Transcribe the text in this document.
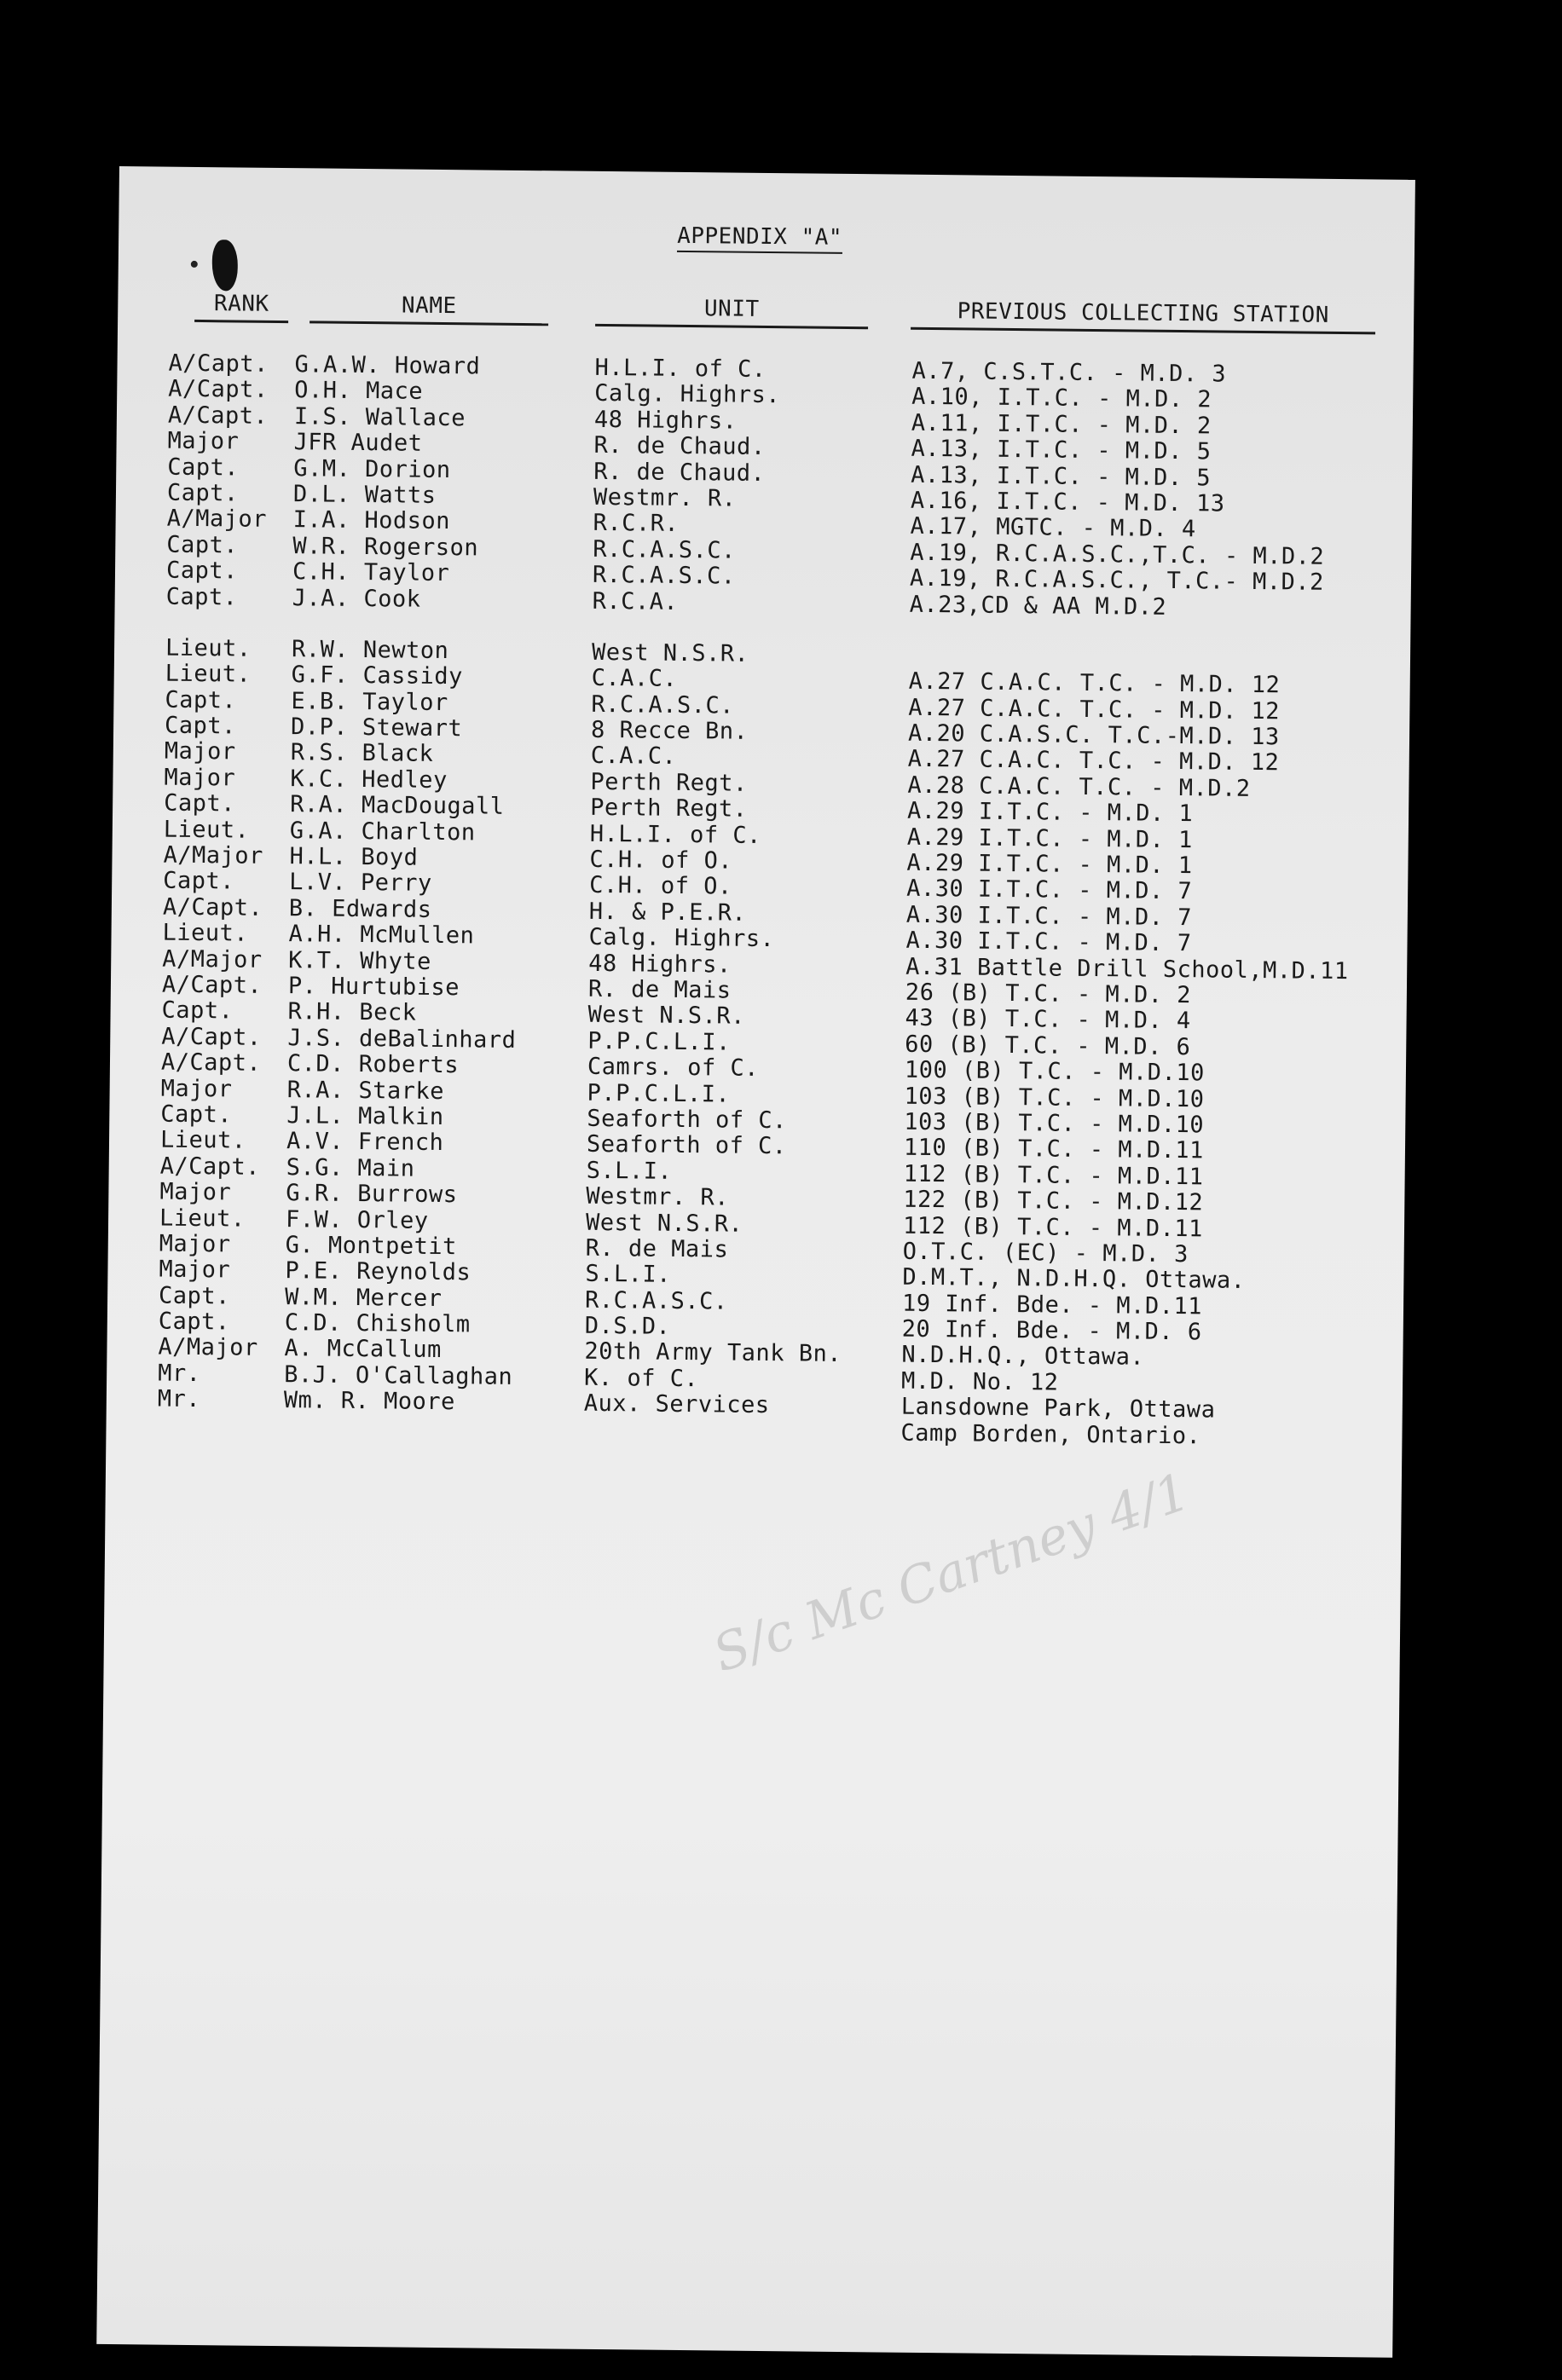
APPENDIX "A"
RANK	NAME	UNIT	PREVIOUS COLLECTING STATION
A/Capt. G.A.W. Howard	H.L.I. of C.	A.7, C.S.T.C. - M.D. 3
A/Capt. O.H. Mace	Calg. Highrs.	A.10, I.T.C. - M.D. 2
A/Capt. I.S. Wallace	48 Highrs.	A.11, I.T.C. - M.D. 2
Major JFR Audet	R. de Chaud.	A.13, I.T.C. - M.D. 5
Capt. G.M. Dorion	R. de Chaud.	A.13, I.T.C. - M.D. 5
Capt. D.L. Watts	Westmr. R.	A.16, I.T.C. - M.D. 13
A/Major I.A. Hodson	R.C.R.	A.17, MGTC. - M.D. 4
Capt. W.R. Rogerson	R.C.A.S.C.	A.19, R.C.A.S.C.,T.C. - M.D.2
Capt. C.H. Taylor	R.C.A.S.C.	A.19, R.C.A.S.C., T.C.- M.D.2
Capt. J.A. Cook	R.C.A.	A.23,CD & AA M.D.2
Lieut. R.W. Newton	West N.S.R.
Lieut. G.F. Cassidy	C.A.C.	A.27 C.A.C. T.C. - M.D. 12
Capt. E.B. Taylor	R.C.A.S.C.	A.27 C.A.C. T.C. - M.D. 12
Capt. D.P. Stewart	8 Recce Bn.	A.20 C.A.S.C. T.C.-M.D. 13
Major R.S. Black	C.A.C.	A.27 C.A.C. T.C. - M.D. 12
Major K.C. Hedley	Perth Regt.	A.28 C.A.C. T.C. - M.D.2
Capt. R.A. MacDougall	Perth Regt.	A.29 I.T.C. - M.D. 1
Lieut. G.A. Charlton	H.L.I. of C.	A.29 I.T.C. - M.D. 1
A/Major H.L. Boyd	C.H. of O.	A.29 I.T.C. - M.D. 1
Capt. L.V. Perry	C.H. of O.	A.30 I.T.C. - M.D. 7
A/Capt. B. Edwards	H. & P.E.R.	A.30 I.T.C. - M.D. 7
Lieut. A.H. McMullen	Calg. Highrs.	A.30 I.T.C. - M.D. 7
A/Major K.T. Whyte	48 Highrs.	A.31 Battle Drill School,M.D.11
A/Capt. P. Hurtubise	R. de Mais	26 (B) T.C. - M.D. 2
Capt. R.H. Beck	West N.S.R.	43 (B) T.C. - M.D. 4
A/Capt. J.S. deBalinhard	P.P.C.L.I.	60 (B) T.C. - M.D. 6
A/Capt. C.D. Roberts	Camrs. of C.	100 (B) T.C. - M.D.10
Major R.A. Starke	P.P.C.L.I.	103 (B) T.C. - M.D.10
Capt. J.L. Malkin	Seaforth of C.	103 (B) T.C. - M.D.10
Lieut. A.V. French	Seaforth of C.	110 (B) T.C. - M.D.11
A/Capt. S.G. Main	S.L.I.	112 (B) T.C. - M.D.11
Major G.R. Burrows	Westmr. R.	122 (B) T.C. - M.D.12
Lieut. F.W. Orley	West N.S.R.	112 (B) T.C. - M.D.11
Major G. Montpetit	R. de Mais	O.T.C. (EC) - M.D. 3
Major P.E. Reynolds	S.L.I.	D.M.T., N.D.H.Q. Ottawa.
Capt. W.M. Mercer	R.C.A.S.C.	19 Inf. Bde. - M.D.11
Capt. C.D. Chisholm	D.S.D.	20 Inf. Bde. - M.D. 6
A/Major A. McCallum	20th Army Tank Bn.	N.D.H.Q., Ottawa.
Mr.	B.J. O'Callaghan	K. of C.	M.D. No. 12
Mr.	Wm. R. Moore	Aux. Services	Lansdowne Park, Ottawa
Camp Borden, Ontario.
S/c Mc Cartney 4/1
